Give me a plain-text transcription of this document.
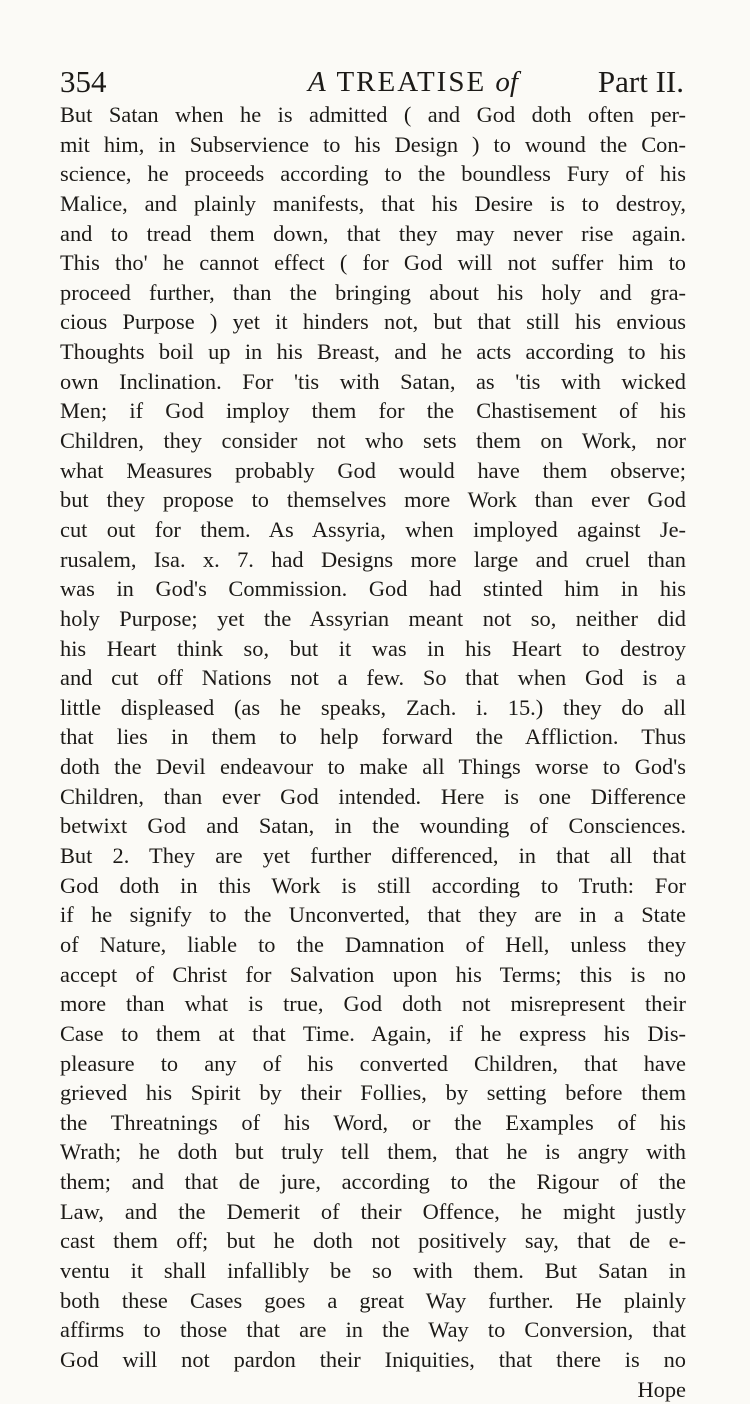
354	A TREATISE of	Part II.
But Satan when he is admitted ( and God doth often per-
mit him, in Subservience to his Design ) to wound the Con-
science, he proceeds according to the boundless Fury of his
Malice, and plainly manifests, that his Desire is to destroy,
and to tread them down, that they may never rise again.
This tho' he cannot effect ( for God will not suffer him to
proceed further, than the bringing about his holy and gra-
cious Purpose ) yet it hinders not, but that still his envious
Thoughts boil up in his Breast, and he acts according to his
own Inclination. For 'tis with Satan, as 'tis with wicked
Men; if God imploy them for the Chastisement of his
Children, they consider not who sets them on Work, nor
what Measures probably God would have them observe;
but they propose to themselves more Work than ever God
cut out for them. As Assyria, when imployed against Je-
rusalem, Isa. x. 7. had Designs more large and cruel than
was in God's Commission. God had stinted him in his
holy Purpose; yet the Assyrian meant not so, neither did
his Heart think so, but it was in his Heart to destroy
and cut off Nations not a few. So that when God is a
little displeased (as he speaks, Zach. i. 15.) they do all
that lies in them to help forward the Affliction. Thus
doth the Devil endeavour to make all Things worse to God's
Children, than ever God intended. Here is one Difference
betwixt God and Satan, in the wounding of Consciences.
But 2. They are yet further differenced, in that all that
God doth in this Work is still according to Truth: For
if he signify to the Unconverted, that they are in a State
of Nature, liable to the Damnation of Hell, unless they
accept of Christ for Salvation upon his Terms; this is no
more than what is true, God doth not misrepresent their
Case to them at that Time. Again, if he express his Dis-
pleasure to any of his converted Children, that have
grieved his Spirit by their Follies, by setting before them
the Threatnings of his Word, or the Examples of his
Wrath; he doth but truly tell them, that he is angry with
them; and that de jure, according to the Rigour of the
Law, and the Demerit of their Offence, he might justly
cast them off; but he doth not positively say, that de e-
ventu it shall infallibly be so with them. But Satan in
both these Cases goes a great Way further. He plainly
affirms to those that are in the Way to Conversion, that
God will not pardon their Iniquities, that there is no
Hope
